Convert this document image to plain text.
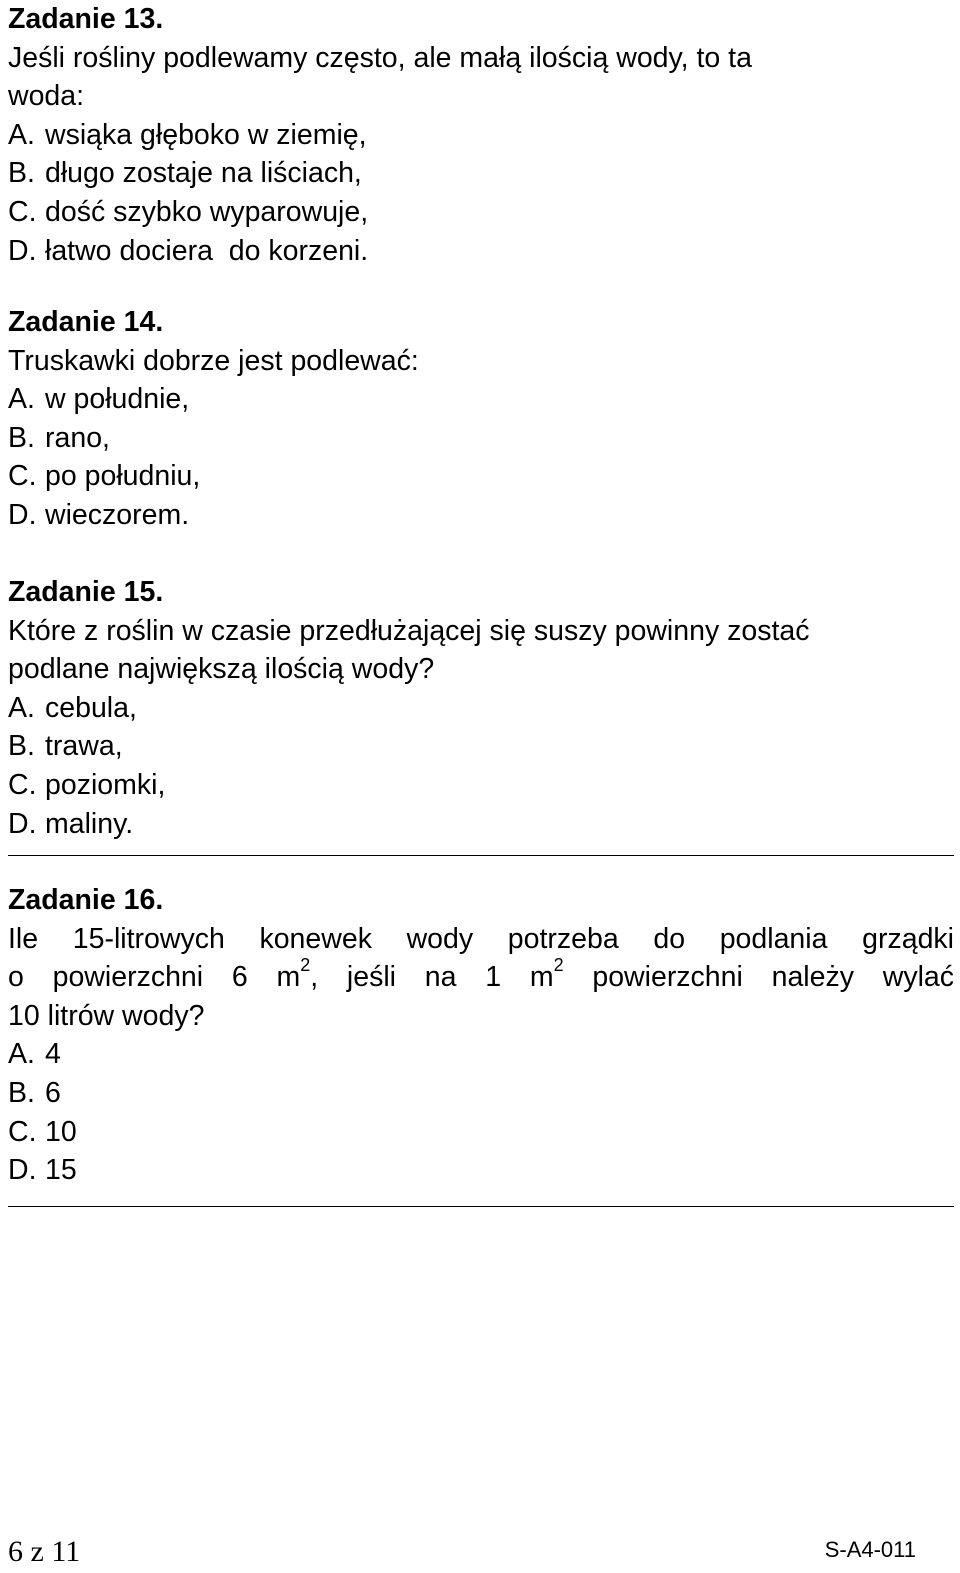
Zadanie 13.
Jeśli rośliny podlewamy często, ale małą ilością wody, to ta
woda:
A. wsiąka głęboko w ziemię,
B. długo zostaje na liściach,
C. dość szybko wyparowuje,
D. łatwo dociera  do korzeni.
Zadanie 14.
Truskawki dobrze jest podlewać:
A. w południe,
B. rano,
C. po południu,
D. wieczorem.
Zadanie 15.
Które z roślin w czasie przedłużającej się suszy powinny zostać
podlane największą ilością wody?
A. cebula,
B. trawa,
C. poziomki,
D. maliny.
Zadanie 16.
Ile 15-litrowych konewek wody potrzeba do podlania grządki
o powierzchni 6 $m^2$, jeśli na 1 $m^2$ powierzchni należy wylać
10 litrów wody?
A. 4
B. 6
C. 10
D. 15
6 z 11	S-A4-011
